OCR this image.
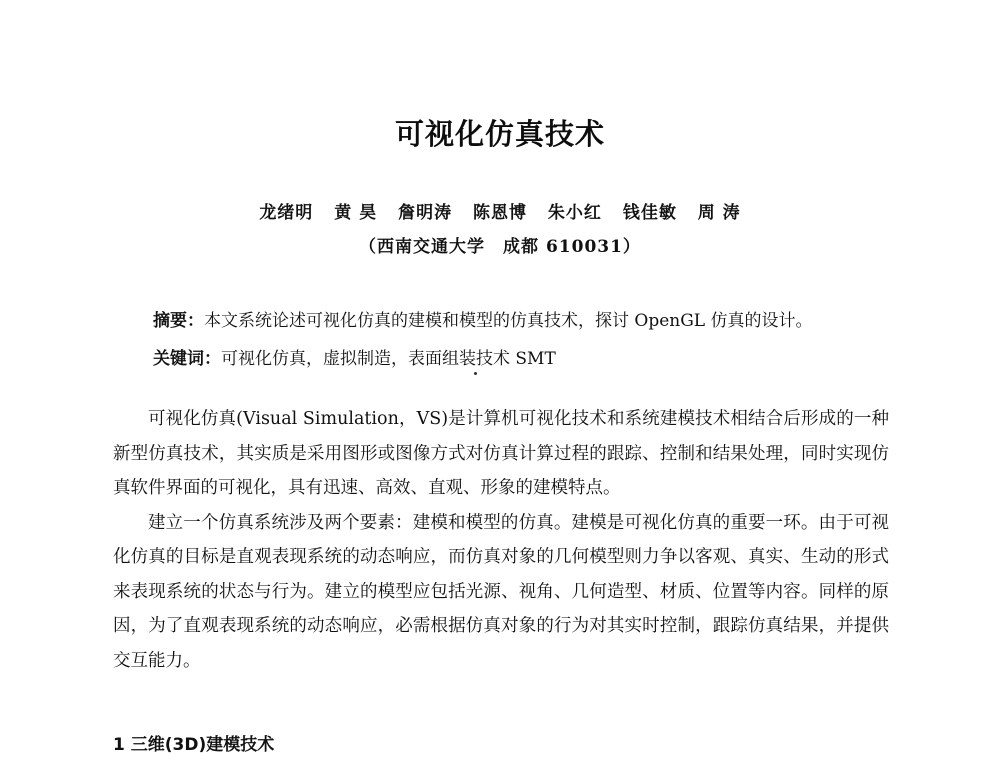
可视化仿真技术
龙绪明 黄 昊 詹明涛 陈恩博 朱小红 钱佳敏 周 涛
（西南交通大学　成都 610031）
摘要：本文系统论述可视化仿真的建模和模型的仿真技术，探讨 OpenGL 仿真的设计。
关键词：可视化仿真，虚拟制造，表面组装技术 SMT

可视化仿真(Visual Simulation，VS)是计算机可视化技术和系统建模技术相结合后形成的一种新型仿真技术，其实质是采用图形或图像方式对仿真计算过程的跟踪、控制和结果处理，同时实现仿真软件界面的可视化，具有迅速、高效、直观、形象的建模特点。

建立一个仿真系统涉及两个要素：建模和模型的仿真。建模是可视化仿真的重要一环。由于可视化仿真的目标是直观表现系统的动态响应，而仿真对象的几何模型则力争以客观、真实、生动的形式来表现系统的状态与行为。建立的模型应包括光源、视角、几何造型、材质、位置等内容。同样的原因，为了直观表现系统的动态响应，必需根据仿真对象的行为对其实时控制，跟踪仿真结果，并提供交互能力。

1 三维(3D)建模技术
